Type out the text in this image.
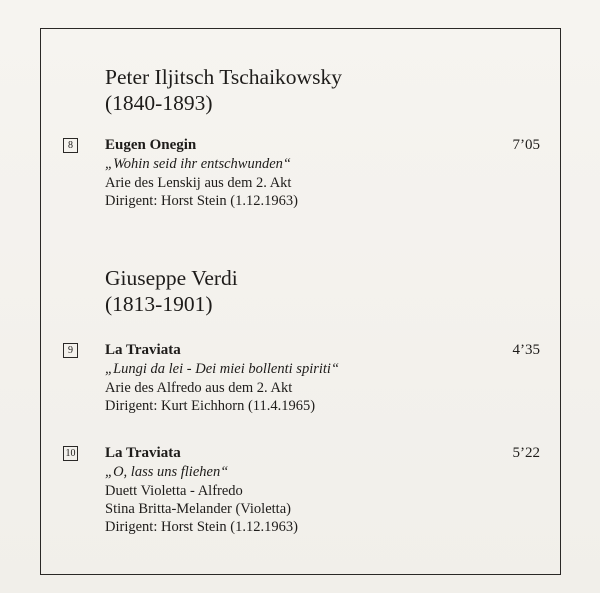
Peter Iljitsch Tschaikowsky
(1840-1893)
8	Eugen Onegin	7’05
„Wohin seid ihr entschwunden“
Arie des Lenskij aus dem 2. Akt
Dirigent: Horst Stein (1.12.1963)
Giuseppe Verdi
(1813-1901)
9	La Traviata	4’35
„Lungi da lei - Dei miei bollenti spiriti“
Arie des Alfredo aus dem 2. Akt
Dirigent: Kurt Eichhorn (11.4.1965)
10 La Traviata	5’22
„O, lass uns fliehen“
Duett Violetta - Alfredo
Stina Britta-Melander (Violetta)
Dirigent: Horst Stein (1.12.1963)
